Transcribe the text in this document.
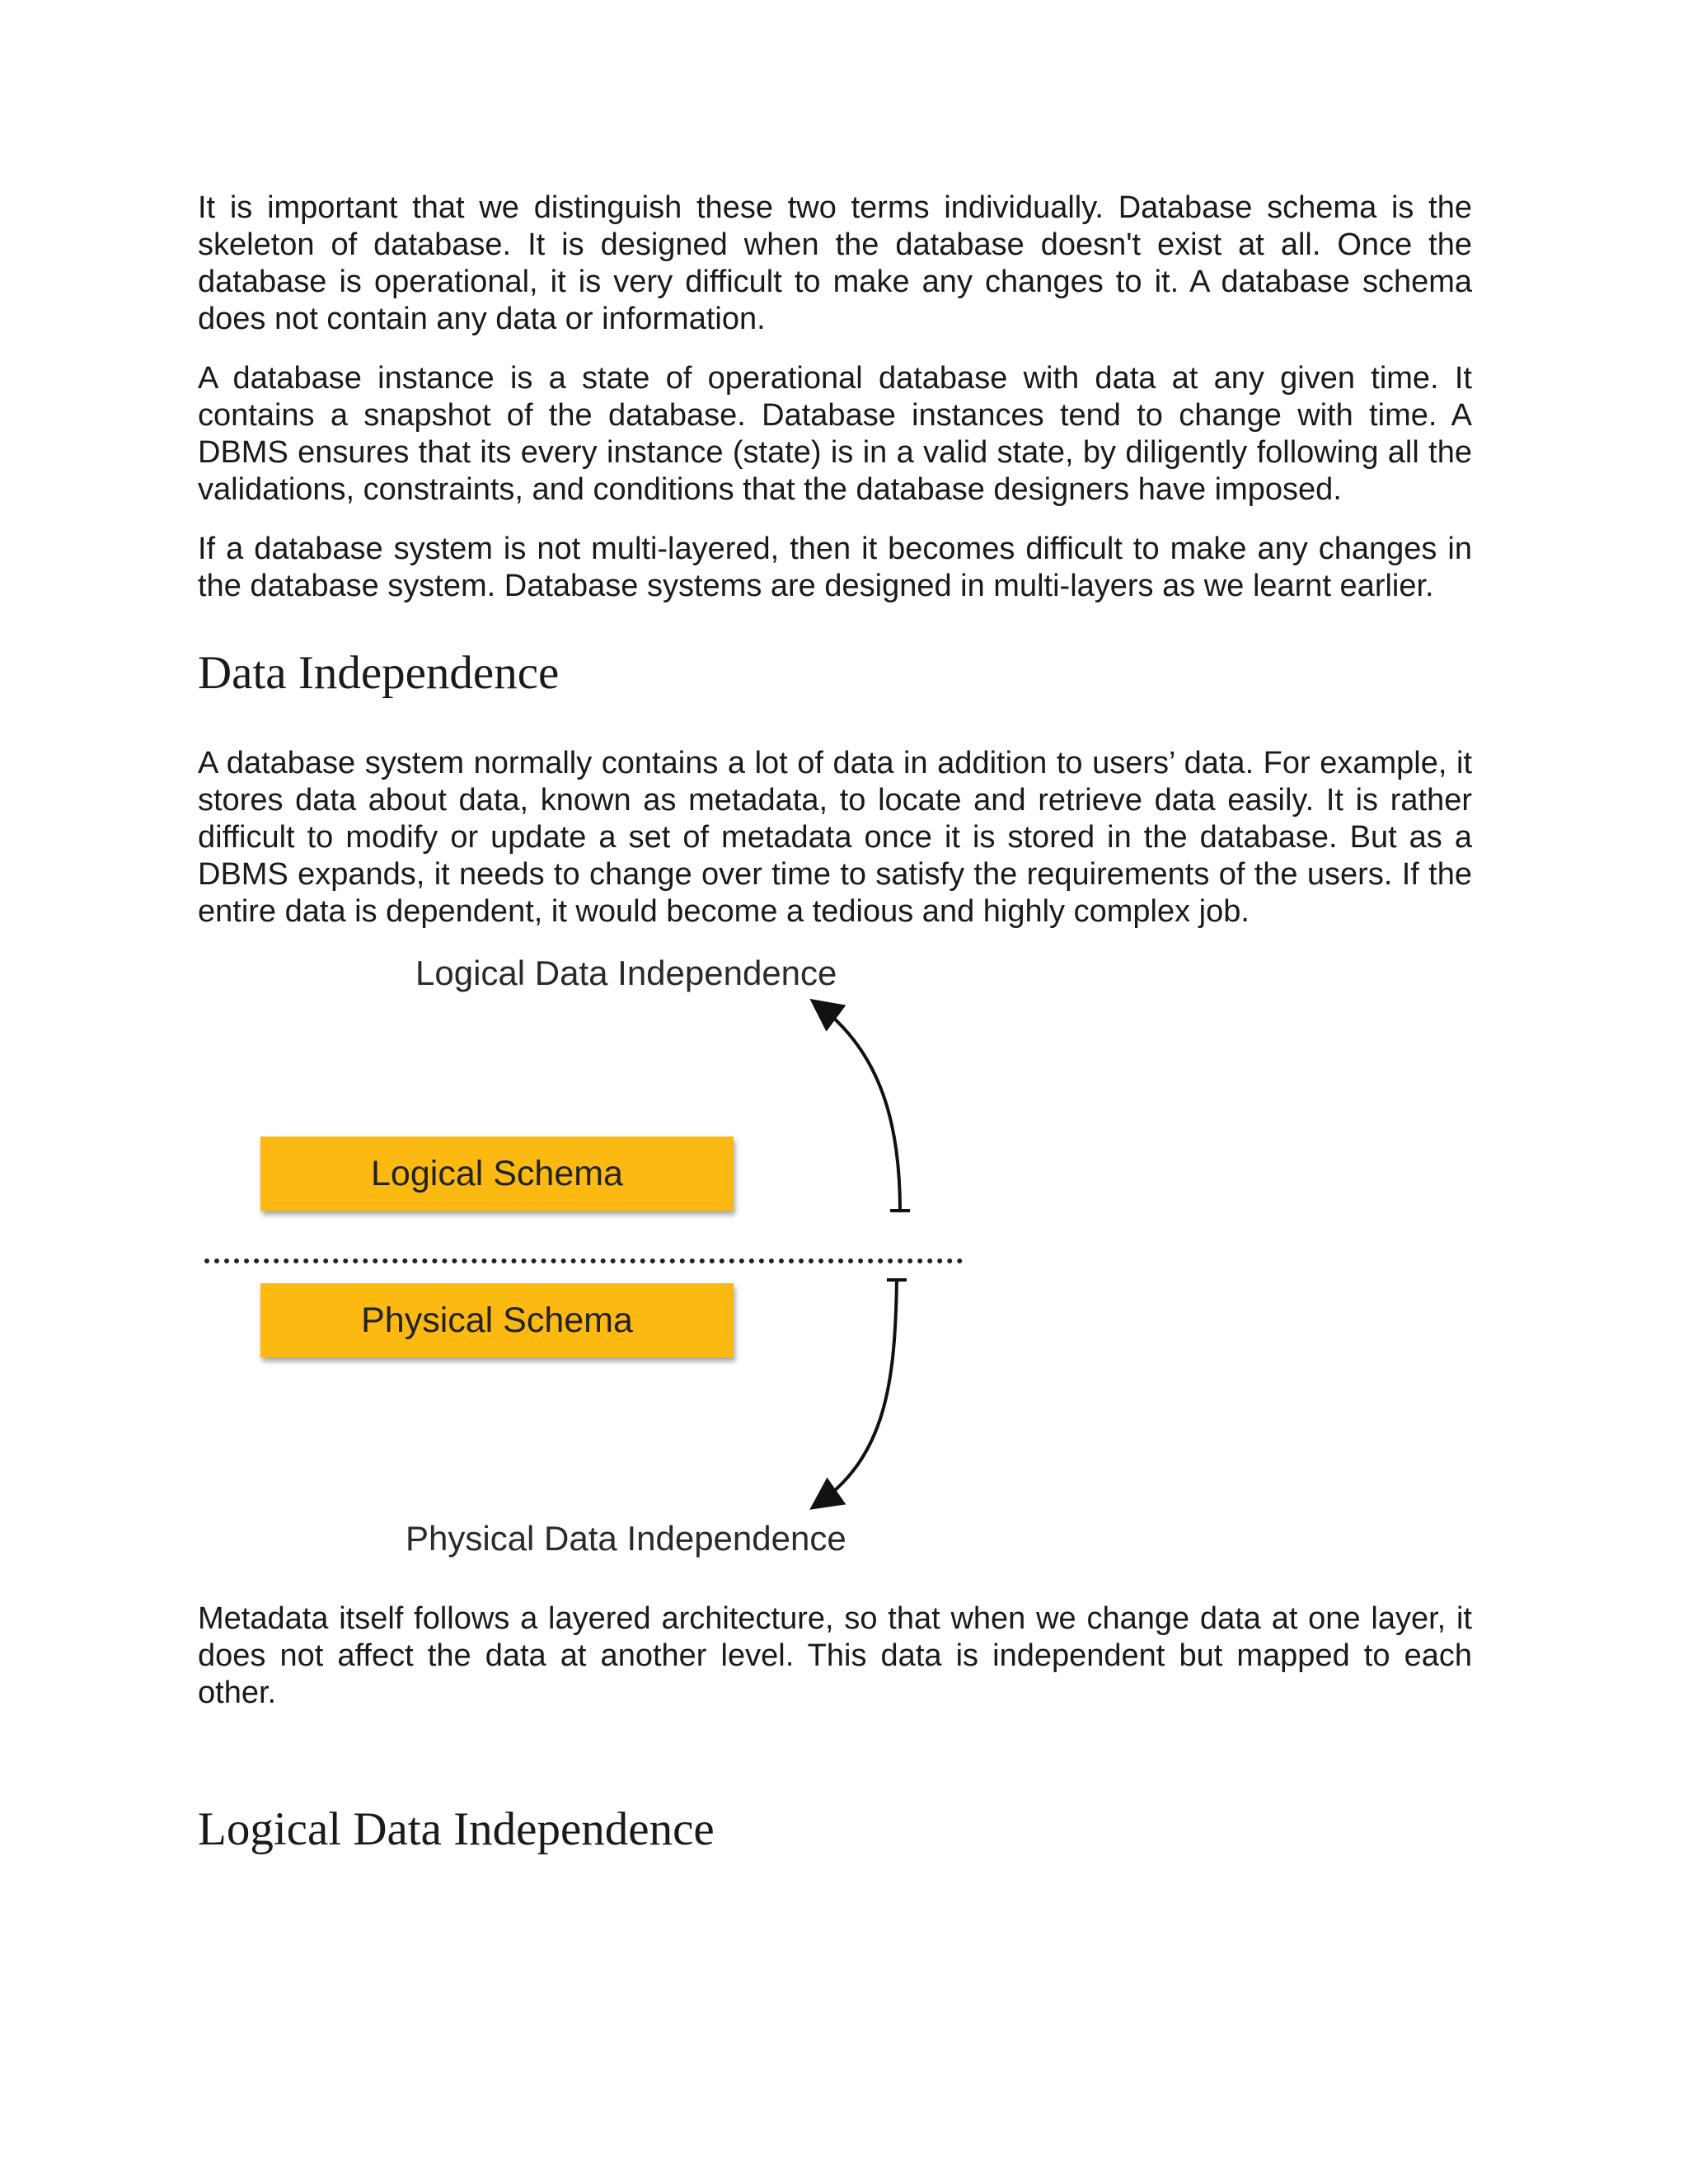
It is important that we distinguish these two terms individually. Database schema is the skeleton of database. It is designed when the database doesn't exist at all. Once the database is operational, it is very difficult to make any changes to it. A database schema does not contain any data or information.

A database instance is a state of operational database with data at any given time. It contains a snapshot of the database. Database instances tend to change with time. A DBMS ensures that its every instance (state) is in a valid state, by diligently following all the validations, constraints, and conditions that the database designers have imposed.

If a database system is not multi-layered, then it becomes difficult to make any changes in the database system. Database systems are designed in multi-layers as we learnt earlier.

Data Independence

A database system normally contains a lot of data in addition to users’ data. For example, it stores data about data, known as metadata, to locate and retrieve data easily. It is rather difficult to modify or update a set of metadata once it is stored in the database. But as a DBMS expands, it needs to change over time to satisfy the requirements of the users. If the entire data is dependent, it would become a tedious and highly complex job.

Logical Data Independence
Logical Schema
Physical Schema
Physical Data Independence

Metadata itself follows a layered architecture, so that when we change data at one layer, it does not affect the data at another level. This data is independent but mapped to each other.

Logical Data Independence
